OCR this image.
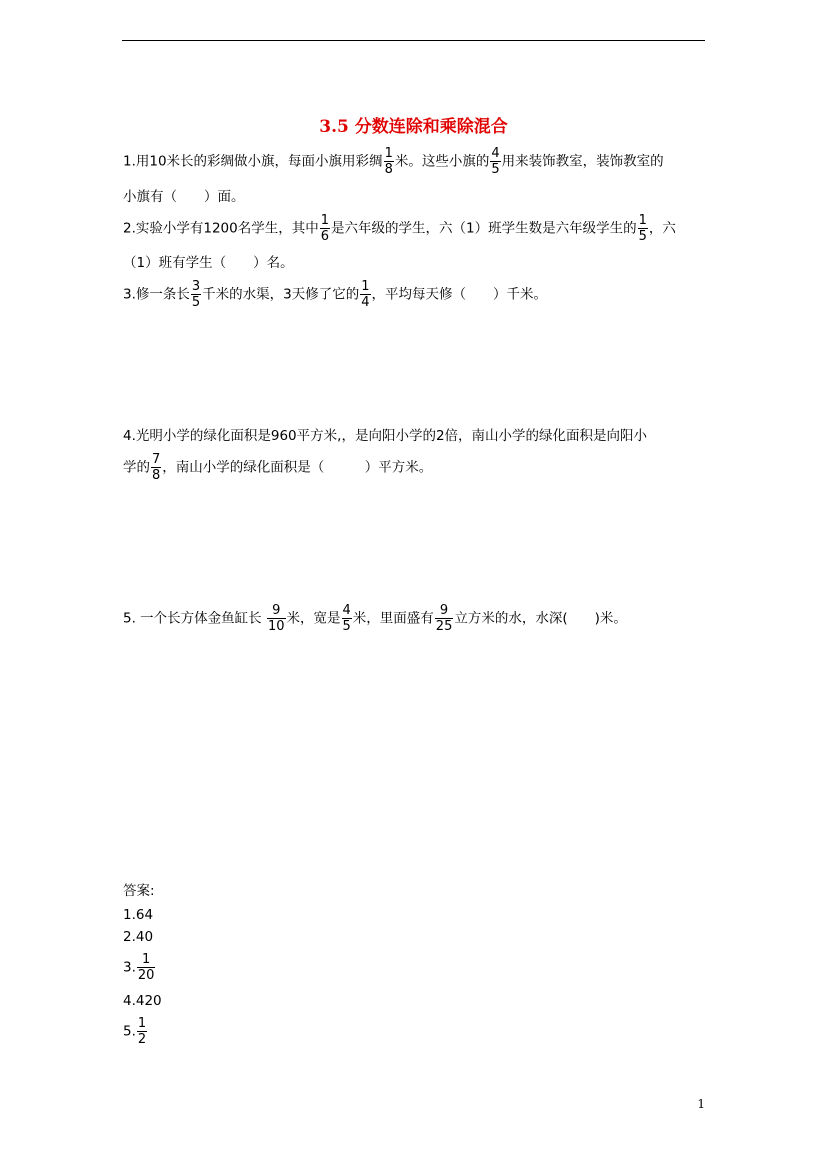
3.5 分数连除和乘除混合
1.用10米长的彩绸做小旗，每面小旗用彩绸 $\frac{1}{8}$ 米。这些小旗的 $\frac{4}{5}$ 用来装饰教室，装饰教室的
小旗有（　　）面。
2.实验小学有1200名学生，其中 $\frac{1}{6}$ 是六年级的学生，六（1）班学生数是六年级学生的 $\frac{1}{5}$ ，六
（1）班有学生（　　）名。
3.修一条长 $\frac{3}{5}$ 千米的水渠，3天修了它的 $\frac{1}{4}$ ，平均每天修（　　）千米。
4.光明小学的绿化面积是960平方米,，是向阳小学的2倍，南山小学的绿化面积是向阳小
学的 $\frac{7}{8}$ ，南山小学的绿化面积是（　　　）平方米。
5. 一个长方体金鱼缸长 $\frac{9}{10}$ 米，宽是 $\frac{4}{5}$ 米，里面盛有 $\frac{9}{25}$ 立方米的水，水深(　　)米。
答案:
1.64
2.40
3. $\frac{1}{20}$
4.420
5. $\frac{1}{2}$
1
